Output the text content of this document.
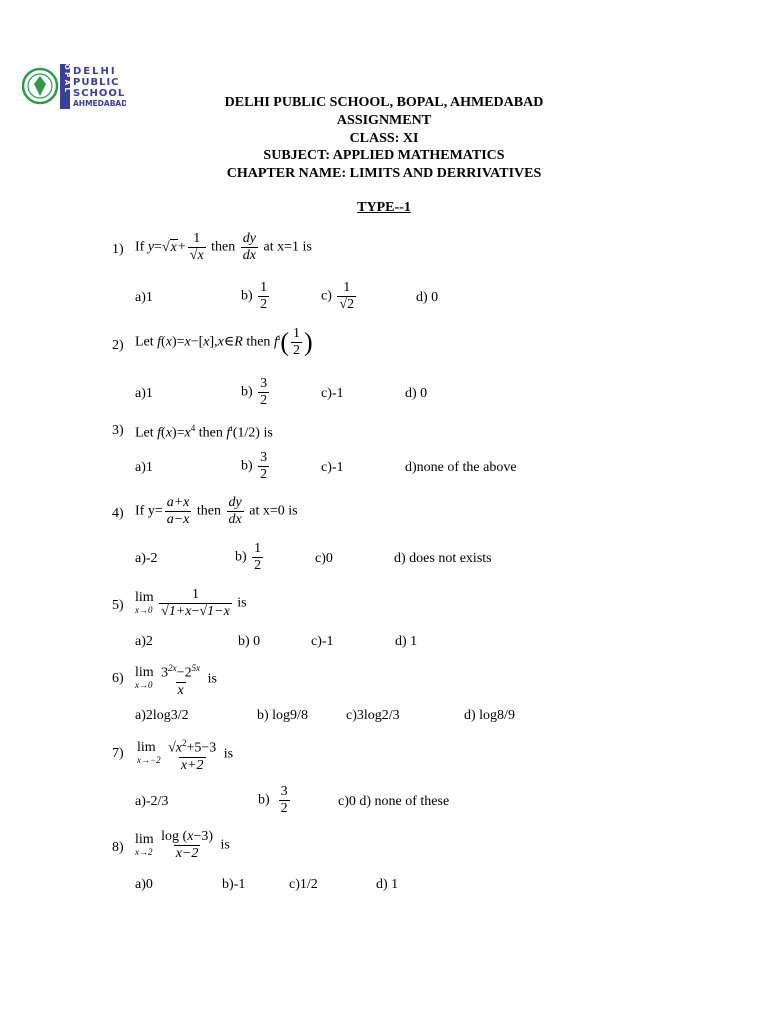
B O P A L DELHI
PUBLIC
SCHOOL
AHMEDABAD	DELHI PUBLIC SCHOOL, BOPAL, AHMEDABAD
ASSIGNMENT
CLASS: XI
SUBJECT: APPLIED MATHEMATICS
CHAPTER NAME: LIMITS AND DERRIVATIVES
TYPE--1
1) If $y=√x+ \frac{1}{√x}$ then $\frac{dy}{dx}$ at x=1 is
a)1	$b) \frac{1}{2}$	$c) \frac{1}{√2}$	d) 0
2) Let f(x)=x−[x],x∈R then $f^ı( \frac{1}{2}$ )
a)1	$b) \frac{3}{2}$	c)-1	d) 0
3) Let $f(x)=x^4$ then $f^ı(1/2)$ is
a)1	$b) \frac{3}{2}$	c)-1	d)none of the above
4) If $y= \frac{a+x}{a-x}$ then $\frac{dy}{dx}$ at x=0 is
a)-2	$b) \frac{1}{2}$	c)0	d) does not exists
5)
lim
x→0
$\frac{1}{√1+x-√1-x}$ is
a)2	b) 0	c)-1	d) 1
6) lim
x→0
$\frac{3^{2x}-2^{5x}}{x}$ is
a)2log3/2	b) log9/8	c)3log2/3	d) log8/9
7) lim
x→−2
$\frac{√x^2+5-3}{x+2}$ is
a)-2/3	$b) \frac{3}{2}$	c)0 d) none of these
8)
lim
x→2
$\frac{\log (x-3)}{x-2}$ is
a)0	b)-1	c)1/2	d) 1
